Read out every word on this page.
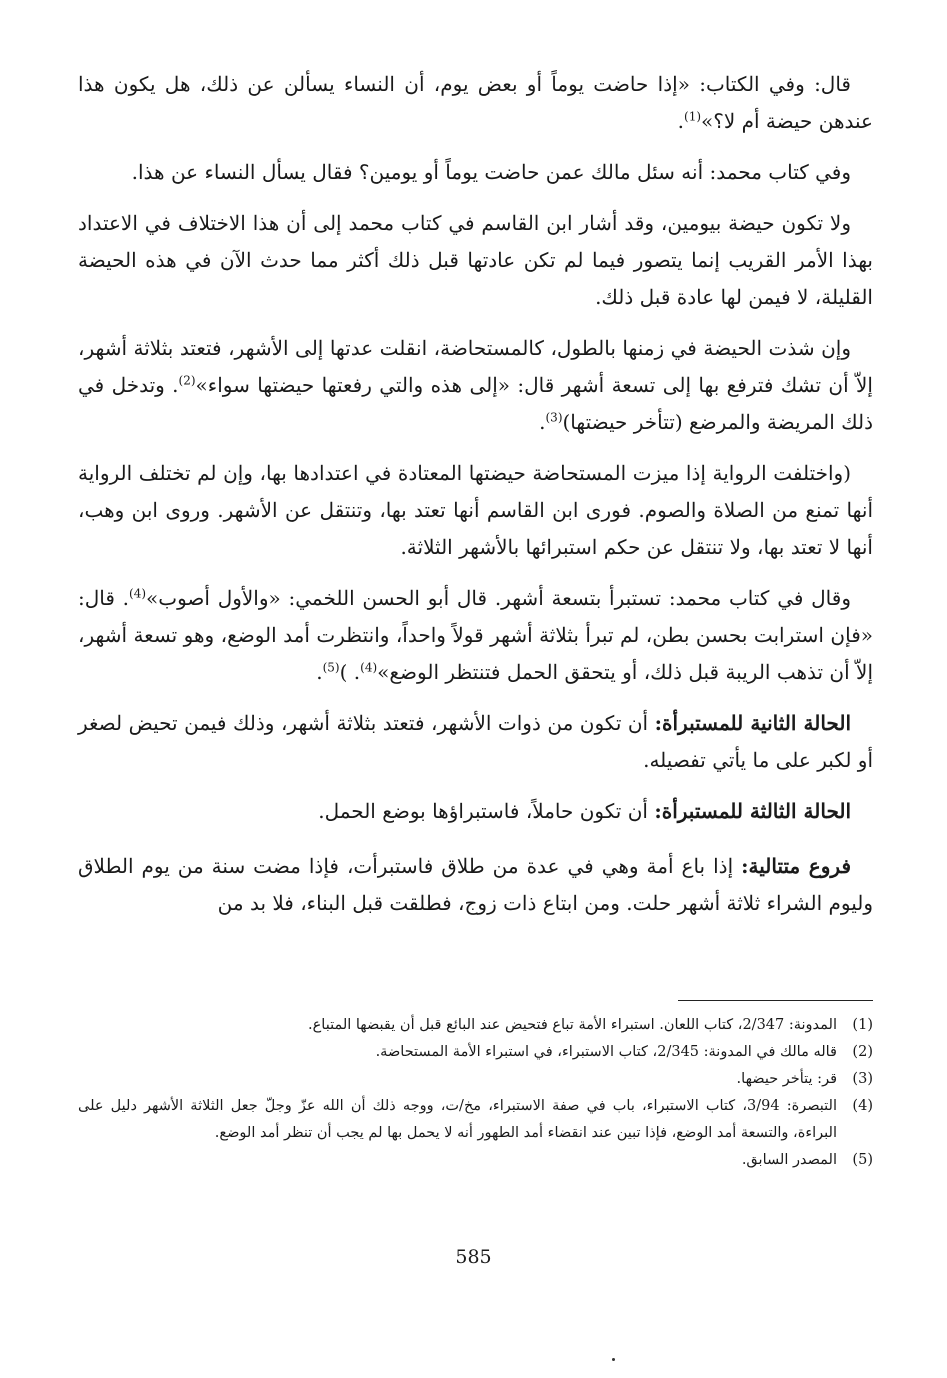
قال: وفي الكتاب: «إذا حاضت يوماً أو بعض يوم، أن النساء يسألن عن ذلك، هل يكون هذا عندهن حيضة أم لا؟»$^{(1)}$.

وفي كتاب محمد: أنه سئل مالك عمن حاضت يوماً أو يومين؟ فقال يسأل النساء عن هذا.

ولا تكون حيضة بيومين، وقد أشار ابن القاسم في كتاب محمد إلى أن هذا الاختلاف في الاعتداد بهذا الأمر القريب إنما يتصور فيما لم تكن عادتها قبل ذلك أكثر مما حدث الآن في هذه الحيضة القليلة، لا فيمن لها عادة قبل ذلك.

وإن شذت الحيضة في زمنها بالطول، كالمستحاضة، انقلت عدتها إلى الأشهر، فتعتد بثلاثة أشهر، إلاّ أن تشك فترفع بها إلى تسعة أشهر قال: «إلى هذه والتي رفعتها حيضتها سواء»$^{(2)}$. وتدخل في ذلك المريضة والمرضع (تتأخر حيضتها)$^{(3)}$.

(واختلفت الرواية إذا ميزت المستحاضة حيضتها المعتادة في اعتدادها بها، وإن لم تختلف الرواية أنها تمنع من الصلاة والصوم. فورى ابن القاسم أنها تعتد بها، وتنتقل عن الأشهر. وروى ابن وهب، أنها لا تعتد بها، ولا تنتقل عن حكم استبرائها بالأشهر الثلاثة.

وقال في كتاب محمد: تستبرأ بتسعة أشهر. قال أبو الحسن اللخمي: «والأول أصوب»$^{(4)}$. قال: «فإن استرابت بحسن بطن، لم تبرأ بثلاثة أشهر قولاً واحداً، وانتظرت أمد الوضع، وهو تسعة أشهر، إلاّ أن تذهب الريبة قبل ذلك، أو يتحقق الحمل فتنتظر الوضع»$^{(4)}$. )$^{(5)}$.

الحالة الثانية للمستبرأة: أن تكون من ذوات الأشهر، فتعتد بثلاثة أشهر، وذلك فيمن تحيض لصغر أو لكبر على ما يأتي تفصيله.

الحالة الثالثة للمستبرأة: أن تكون حاملاً، فاستبراؤها بوضع الحمل.

فروع متتالية: إذا باع أمة وهي في عدة من طلاق فاستبرأت، فإذا مضت سنة من يوم الطلاق وليوم الشراء ثلاثة أشهر حلت. ومن ابتاع ذات زوج، فطلقت قبل البناء، فلا بد من

(1)
المدونة: 2/347، كتاب اللعان. استبراء الأمة تباع فتحيض عند البائع قبل أن يقبضها المتباع.
(2)
قاله مالك في المدونة: 2/345، كتاب الاستبراء، في استبراء الأمة المستحاضة.
(3)
قر: يتأخر حيضها.
(4)
التبصرة: 3/94، كتاب الاستبراء، باب في صفة الاستبراء، مخ/ت، ووجه ذلك أن الله عزّ وجلّ جعل الثلاثة الأشهر دليل على البراءة، والتسعة أمد الوضع، فإذا تبين عند انقضاء أمد الطهور أنه لا يحمل بها لم يجب أن تنظر أمد الوضع.
(5)
المصدر السابق.
585
